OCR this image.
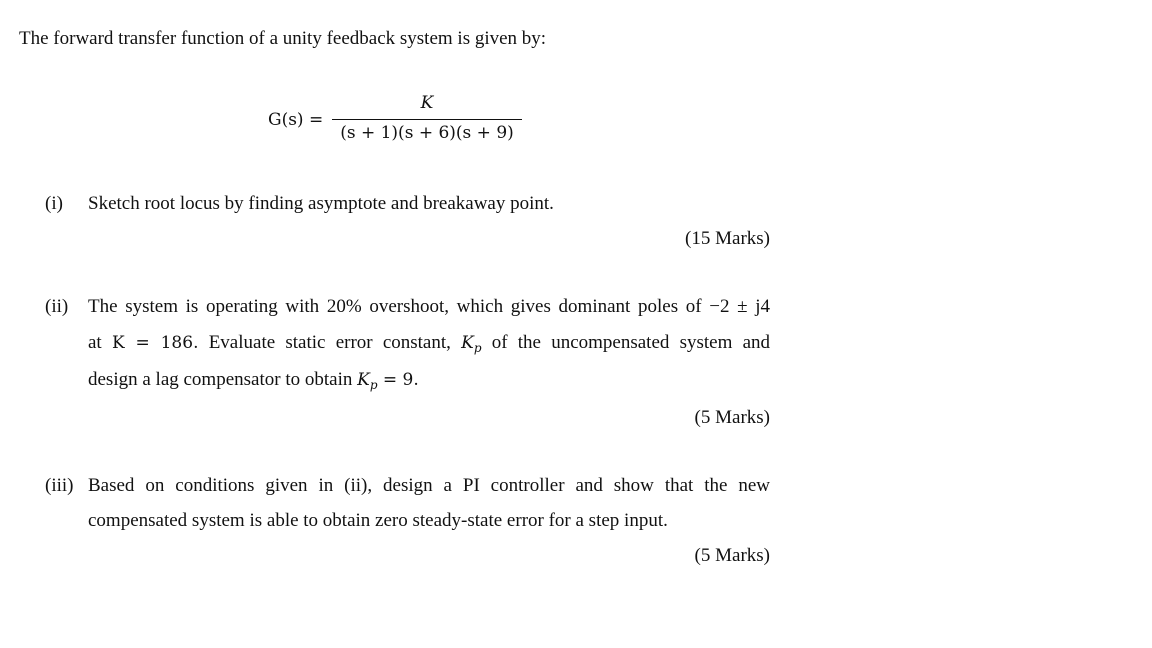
The forward transfer function of a unity feedback system is given by:
G(s) =
K
(s + 1)(s + 6)(s + 9)
(i) Sketch root locus by finding asymptote and breakaway point.
(15 Marks)
(ii) The system is operating with 20% overshoot, which gives dominant poles of −2 ± j4
at K = 186. Evaluate static error constant, $K_p$ of the uncompensated system and
design a lag compensator to obtain $K_p = 9$.
(5 Marks)
(iii) Based on conditions given in (ii), design a PI controller and show that the new
compensated system is able to obtain zero steady-state error for a step input.
(5 Marks)
